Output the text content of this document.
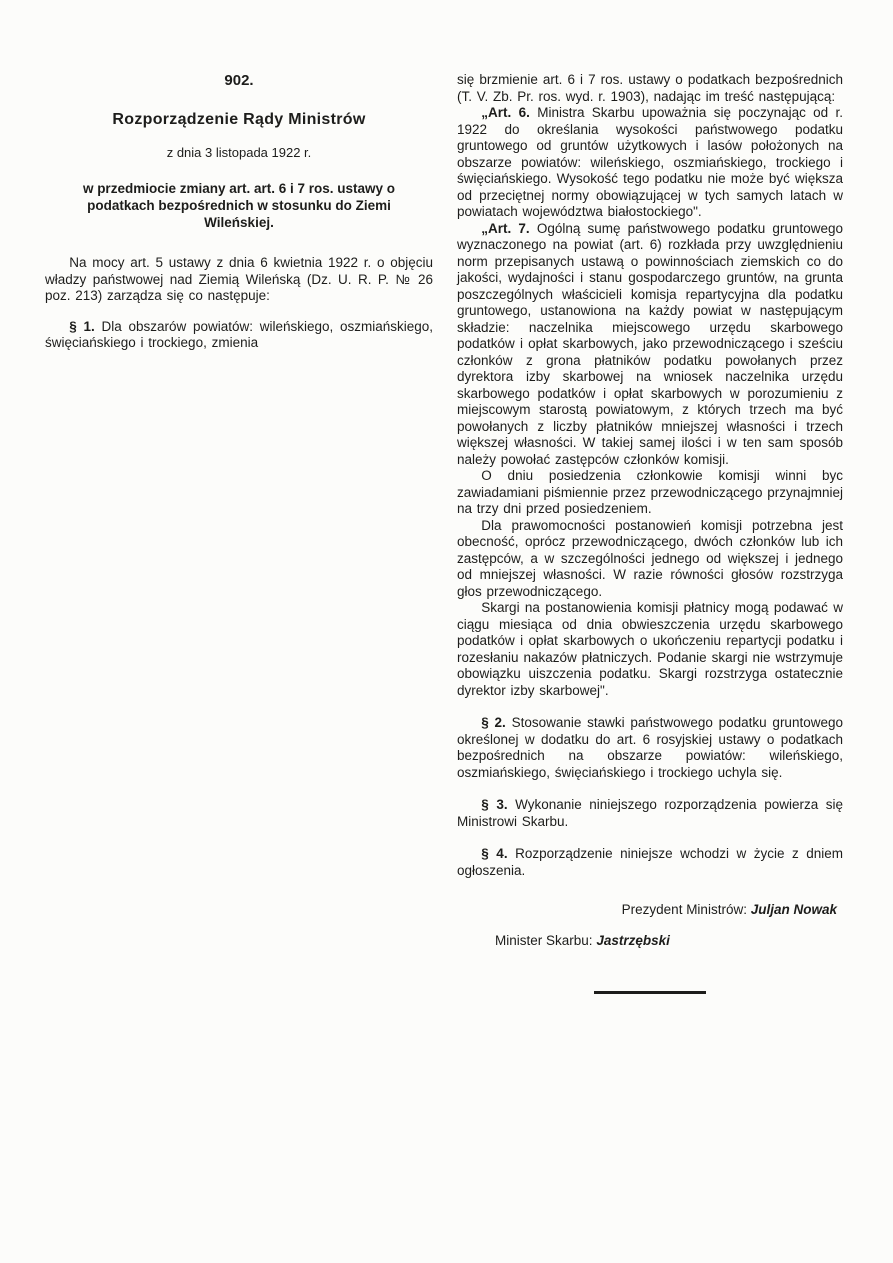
902.
Rozporządzenie Rądy Ministrów
z dnia 3 listopada 1922 r.
w przedmiocie zmiany art. art. 6 i 7 ros. ustawy o podatkach bezpośrednich w stosunku do Ziemi Wileńskiej.

Na mocy art. 5 ustawy z dnia 6 kwietnia 1922 r. o objęciu władzy państwowej nad Ziemią Wileńską (Dz. U. R. P. № 26 poz. 213) zarządza się co następuje:

§ 1. Dla obszarów powiatów: wileńskiego, oszmiańskiego, święciańskiego i trockiego, zmienia

się brzmienie art. 6 i 7 ros. ustawy o podatkach bezpośrednich (T. V. Zb. Pr. ros. wyd. r. 1903), nadając im treść następującą:

„Art. 6. Ministra Skarbu upoważnia się poczynając od r. 1922 do określania wysokości państwowego podatku gruntowego od gruntów użytkowych i lasów położonych na obszarze powiatów: wileńskiego, oszmiańskiego, trockiego i święciańskiego. Wysokość tego podatku nie może być większa od przeciętnej normy obowiązującej w tych samych latach w powiatach województwa białostockiego".

„Art. 7. Ogólną sumę państwowego podatku gruntowego wyznaczonego na powiat (art. 6) rozkłada przy uwzględnieniu norm przepisanych ustawą o powinnościach ziemskich co do jakości, wydajności i stanu gospodarczego gruntów, na grunta poszczególnych właścicieli komisja repartycyjna dla podatku gruntowego, ustanowiona na każdy powiat w następującym składzie: naczelnika miejscowego urzędu skarbowego podatków i opłat skarbowych, jako przewodniczącego i sześciu członków z grona płatników podatku powołanych przez dyrektora izby skarbowej na wniosek naczelnika urzędu skarbowego podatków i opłat skarbowych w porozumieniu z miejscowym starostą powiatowym, z których trzech ma być powołanych z liczby płatników mniejszej własności i trzech większej własności. W takiej samej ilości i w ten sam sposób należy powołać zastępców członków komisji.

O dniu posiedzenia członkowie komisji winni byc zawiadamiani piśmiennie przez przewodniczącego przynajmniej na trzy dni przed posiedzeniem.

Dla prawomocności postanowień komisji potrzebna jest obecność, oprócz przewodniczącego, dwóch członków lub ich zastępców, a w szczególności jednego od większej i jednego od mniejszej własności. W razie równości głosów rozstrzyga głos przewodniczącego.

Skargi na postanowienia komisji płatnicy mogą podawać w ciągu miesiąca od dnia obwieszczenia urzędu skarbowego podatków i opłat skarbowych o ukończeniu repartycji podatku i rozesłaniu nakazów płatniczych. Podanie skargi nie wstrzymuje obowiązku uiszczenia podatku. Skargi rozstrzyga ostatecznie dyrektor izby skarbowej".

§ 2. Stosowanie stawki państwowego podatku gruntowego określonej w dodatku do art. 6 rosyjskiej ustawy o podatkach bezpośrednich na obszarze powiatów: wileńskiego, oszmiańskiego, święciańskiego i trockiego uchyla się.

§ 3. Wykonanie niniejszego rozporządzenia powierza się Ministrowi Skarbu.

§ 4. Rozporządzenie niniejsze wchodzi w życie z dniem ogłoszenia.

Prezydent Ministrów: Juljan Nowak

Minister Skarbu: Jastrzębski
